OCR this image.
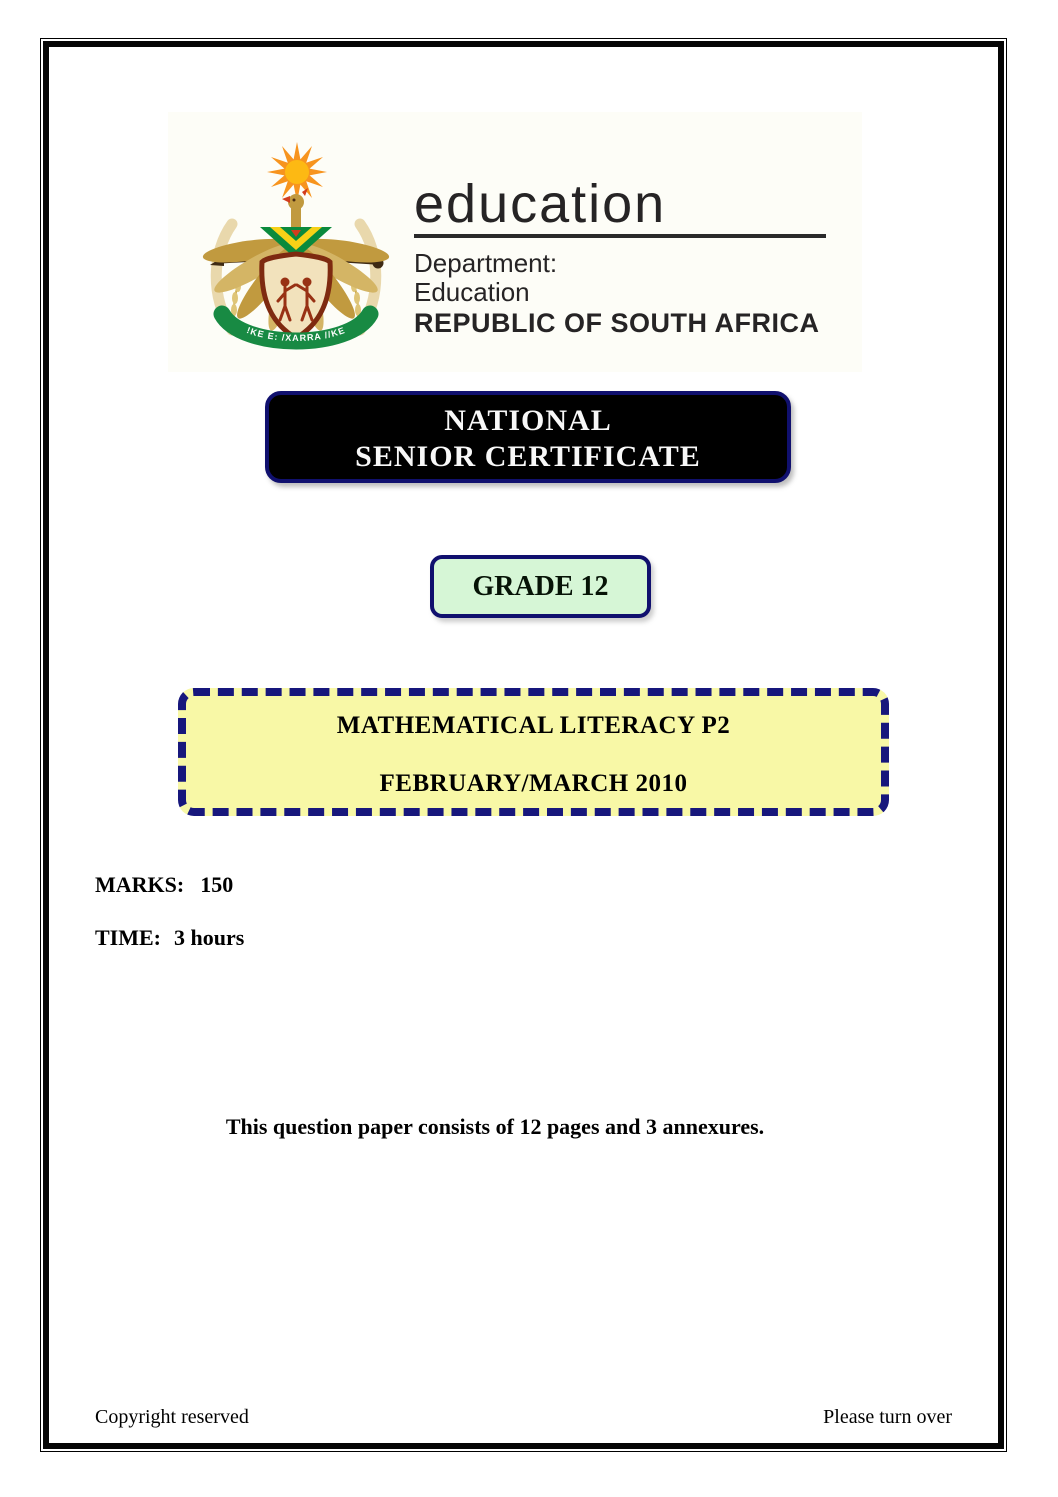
!KE E: /XARRA //KE
education
Department:
Education
REPUBLIC OF SOUTH AFRICA
NATIONAL
SENIOR CERTIFICATE
GRADE 12
MATHEMATICAL LITERACY P2
FEBRUARY/MARCH 2010
MARKS: 150
TIME: 3 hours
This question paper consists of 12 pages and 3 annexures.
Copyright reserved	Please turn over
